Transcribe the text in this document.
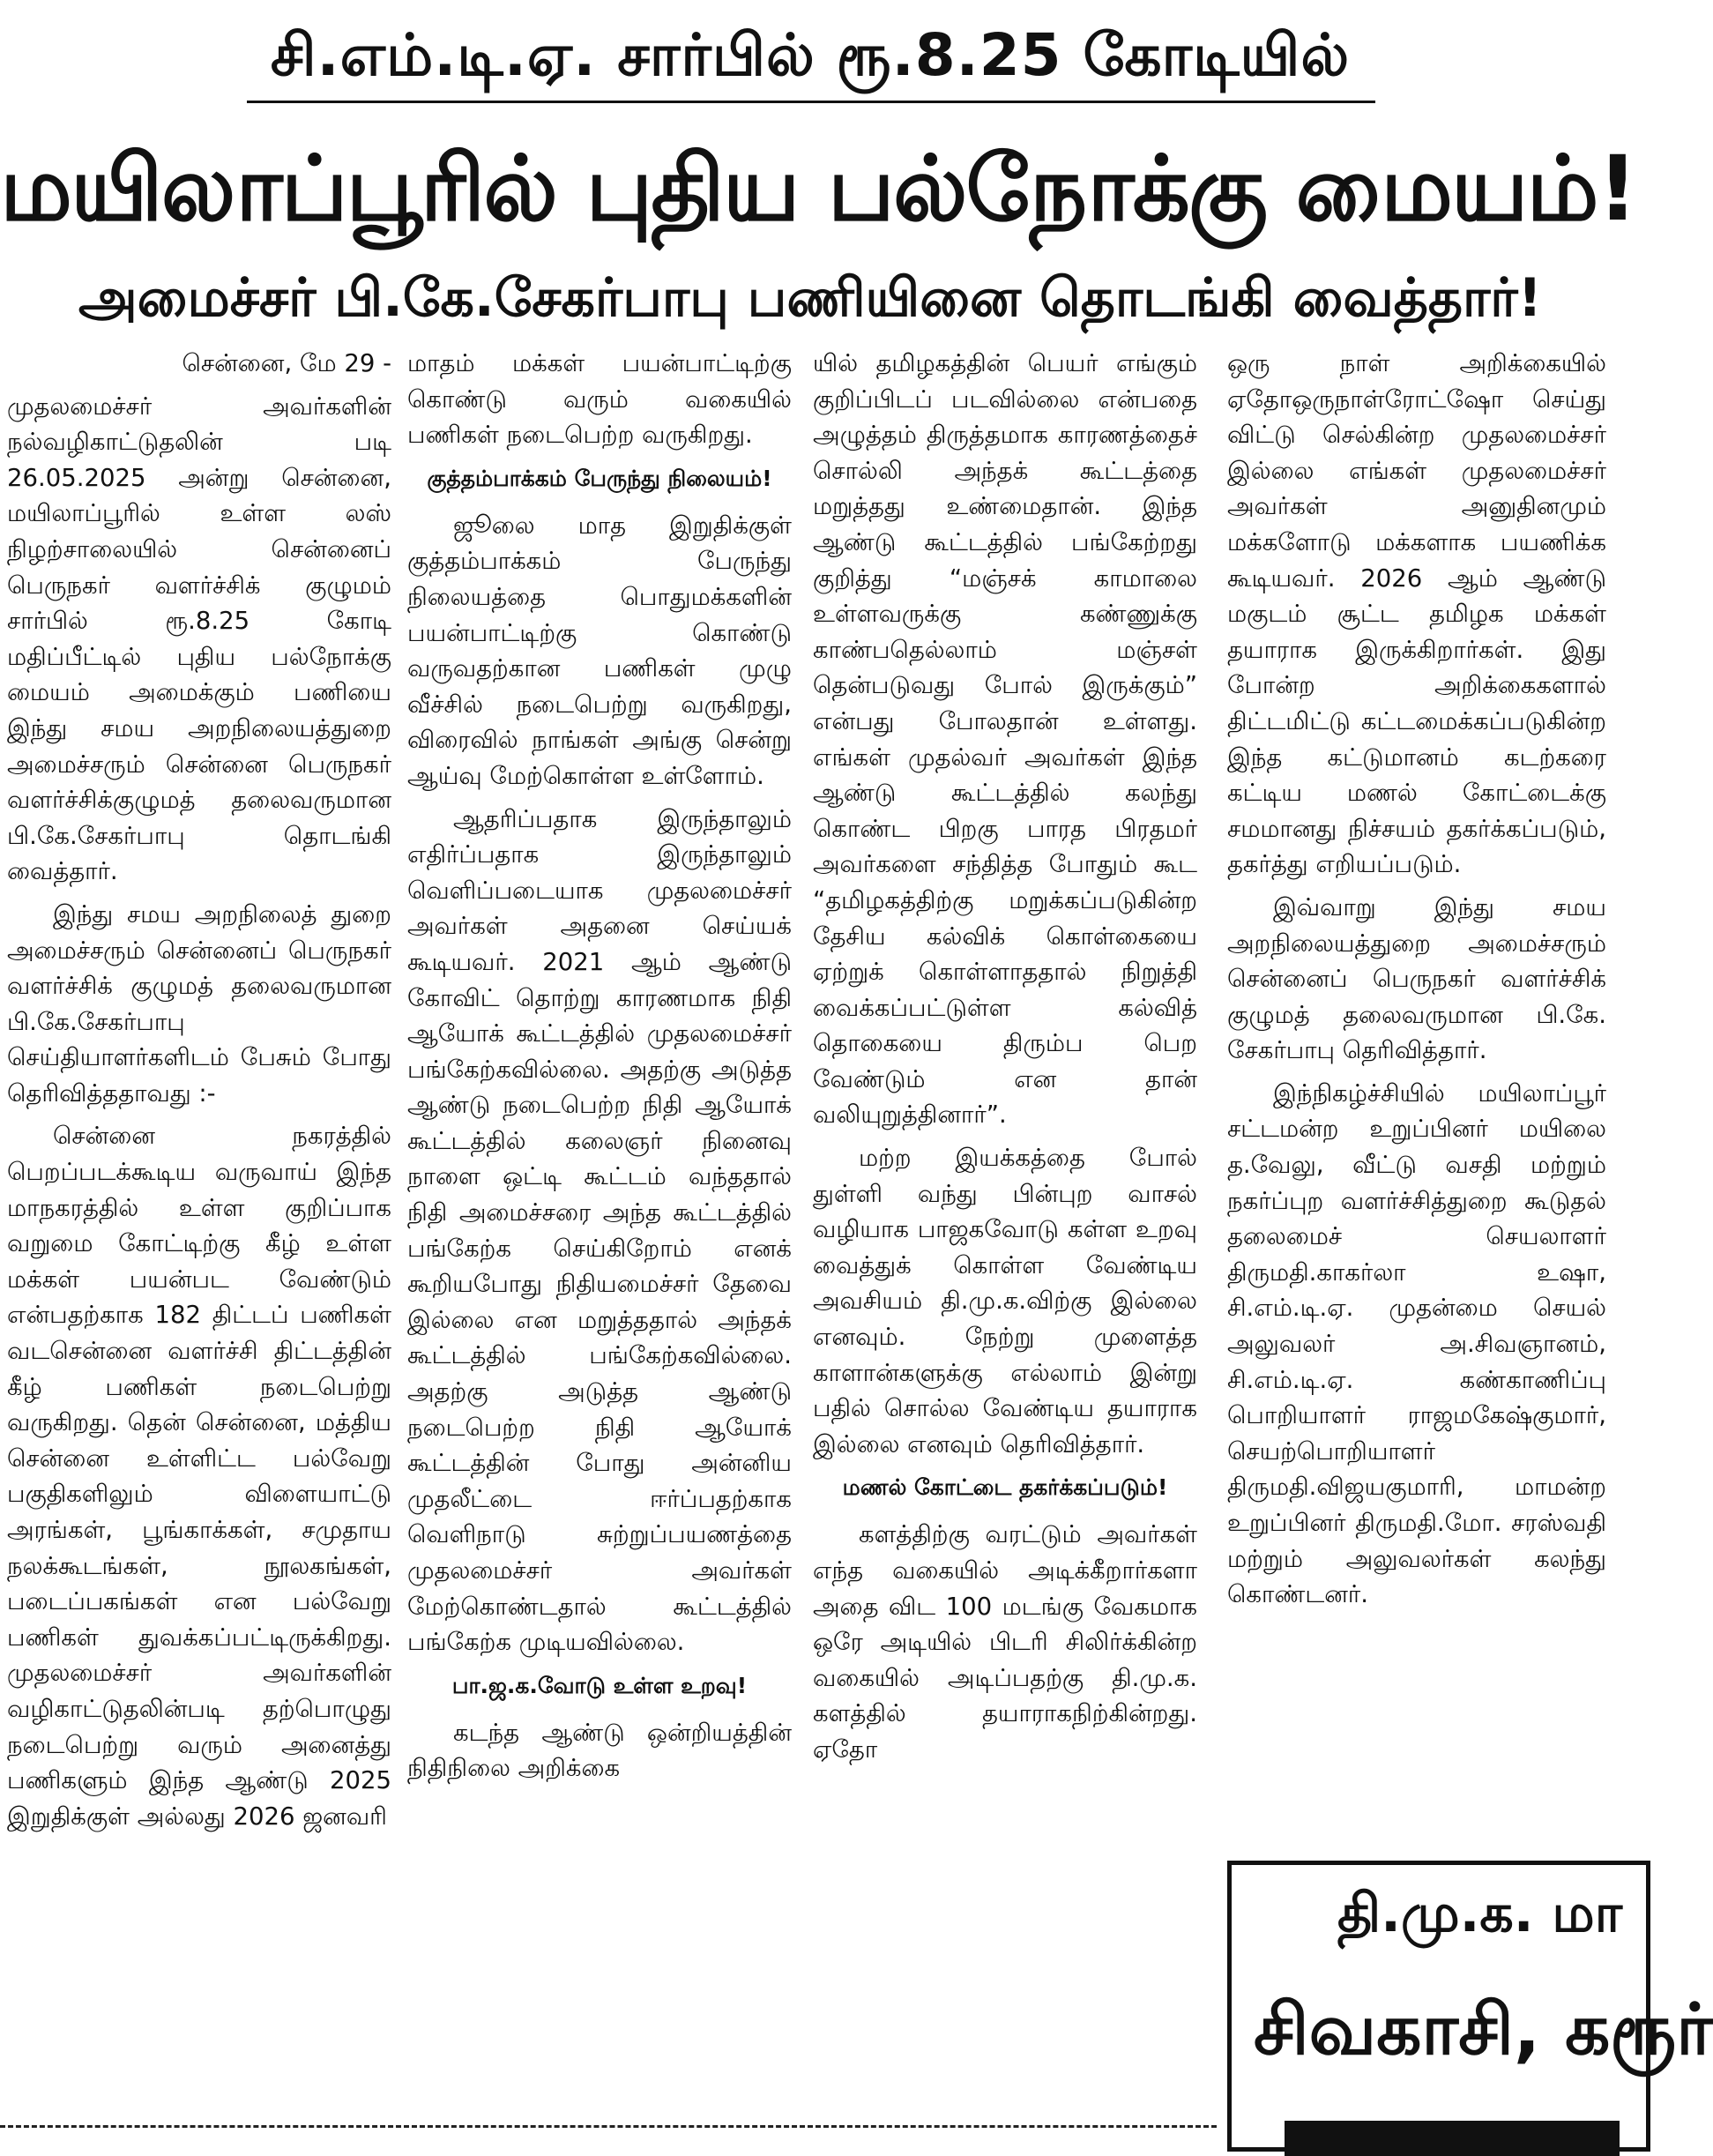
சி.எம்.டி.ஏ. சார்பில் ரூ.8.25 கோடியில்
மயிலாப்பூரில் புதிய பல்நோக்கு மையம்!
அமைச்சர் பி.கே.சேகர்பாபு பணியினை தொடங்கி வைத்தார்!

சென்னை, மே 29 -

முதலமைச்சர் அவர்களின் நல்வழிகாட்டுதலின் படி 26.05.2025 அன்று சென்னை, மயிலாப்பூரில் உள்ள லஸ் நிழற்சாலையில் சென்னைப் பெருநகர் வளர்ச்சிக் குழுமம் சார்பில் ரூ.8.25 கோடி மதிப்பீட்டில் புதிய பல்நோக்கு மையம் அமைக்கும் பணியை இந்து சமய அறநிலையத்துறை அமைச்சரும் சென்னை பெருநகர் வளர்ச்சிக்குழுமத் தலைவருமான பி.கே.சேகர்பாபு தொடங்கி வைத்தார்.

இந்து சமய அறநிலைத் துறை அமைச்சரும் சென்னைப் பெருநகர் வளர்ச்சிக் குழுமத் தலைவருமான பி.கே.சேகர்பாபு செய்தியாளர்களிடம் பேசும் போது தெரிவித்ததாவது :-

சென்னை நகரத்தில் பெறப்படக்கூடிய வருவாய் இந்த மாநகரத்தில் உள்ள குறிப்பாக வறுமை கோட்டிற்கு கீழ் உள்ள மக்கள் பயன்பட வேண்டும் என்பதற்காக 182 திட்டப் பணிகள் வடசென்னை வளர்ச்சி திட்டத்தின் கீழ் பணிகள் நடைபெற்று வருகிறது. தென் சென்னை, மத்திய சென்னை உள்ளிட்ட பல்வேறு பகுதிகளிலும் விளையாட்டு அரங்கள், பூங்காக்கள், சமுதாய நலக்கூடங்கள், நூலகங்கள், படைப்பகங்கள் என பல்வேறு பணிகள் துவக்கப்பட்டிருக்கிறது. முதலமைச்சர் அவர்களின் வழிகாட்டுதலின்படி தற்பொழுது நடைபெற்று வரும் அனைத்து பணிகளும் இந்த ஆண்டு 2025 இறுதிக்குள் அல்லது 2026 ஜனவரி

மாதம் மக்கள் பயன்பாட்டிற்கு கொண்டு வரும் வகையில் பணிகள் நடைபெற்ற வருகிறது.

குத்தம்பாக்கம் பேருந்து நிலையம்!

ஜூலை மாத இறுதிக்குள் குத்தம்பாக்கம் பேருந்து நிலையத்தை பொதுமக்களின் பயன்பாட்டிற்கு கொண்டு வருவதற்கான பணிகள் முழு வீச்சில் நடைபெற்று வருகிறது, விரைவில் நாங்கள் அங்கு சென்று ஆய்வு மேற்கொள்ள உள்ளோம்.

ஆதரிப்பதாக இருந்தாலும் எதிர்ப்பதாக இருந்தாலும் வெளிப்படையாக முதலமைச்சர் அவர்கள் அதனை செய்யக் கூடியவர். 2021 ஆம் ஆண்டு கோவிட் தொற்று காரணமாக நிதி ஆயோக் கூட்டத்தில் முதலமைச்சர் பங்கேற்கவில்லை. அதற்கு அடுத்த ஆண்டு நடைபெற்ற நிதி ஆயோக் கூட்டத்தில் கலைஞர் நினைவு நாளை ஒட்டி கூட்டம் வந்ததால் நிதி அமைச்சரை அந்த கூட்டத்தில் பங்கேற்க செய்கிறோம் எனக் கூறியபோது நிதியமைச்சர் தேவை இல்லை என மறுத்ததால் அந்தக் கூட்டத்தில் பங்கேற்கவில்லை. அதற்கு அடுத்த ஆண்டு நடைபெற்ற நிதி ஆயோக் கூட்டத்தின் போது அன்னிய முதலீட்டை ஈர்ப்பதற்காக வெளிநாடு சுற்றுப்பயணத்தை முதலமைச்சர் அவர்கள் மேற்கொண்டதால் கூட்டத்தில் பங்கேற்க முடியவில்லை.

பா.ஜ.க.வோடு உள்ள உறவு!

கடந்த ஆண்டு ஒன்றியத்தின் நிதிநிலை அறிக்கை

யில் தமிழகத்தின் பெயர் எங்கும் குறிப்பிடப் படவில்லை என்பதை அழுத்தம் திருத்தமாக காரணத்தைச் சொல்லி அந்தக் கூட்டத்தை மறுத்தது உண்மைதான். இந்த ஆண்டு கூட்டத்தில் பங்கேற்றது குறித்து “மஞ்சக் காமாலை உள்ளவருக்கு கண்ணுக்கு காண்பதெல்லாம் மஞ்சள் தென்படுவது போல் இருக்கும்” என்பது போலதான் உள்ளது. எங்கள் முதல்வர் அவர்கள் இந்த ஆண்டு கூட்டத்தில் கலந்து கொண்ட பிறகு பாரத பிரதமர் அவர்களை சந்தித்த போதும் கூட “தமிழகத்திற்கு மறுக்கப்படுகின்ற தேசிய கல்விக் கொள்கையை ஏற்றுக் கொள்ளாததால் நிறுத்தி வைக்கப்பட்டுள்ள கல்வித் தொகையை திரும்ப பெற வேண்டும் என தான் வலியுறுத்தினார்”.

மற்ற இயக்கத்தை போல் துள்ளி வந்து பின்புற வாசல் வழியாக பாஜகவோடு கள்ள உறவு வைத்துக் கொள்ள வேண்டிய அவசியம் தி.மு.க.விற்கு இல்லை எனவும். நேற்று முளைத்த காளான்களுக்கு எல்லாம் இன்று பதில் சொல்ல வேண்டிய தயாராக இல்லை எனவும் தெரிவித்தார்.

மணல் கோட்டை தகர்க்கப்படும்!

களத்திற்கு வரட்டும் அவர்கள் எந்த வகையில் அடிக்கீறார்களா அதை விட 100 மடங்கு வேகமாக ஒரே அடியில் பிடரி சிலிர்க்கின்ற வகையில் அடிப்பதற்கு தி.மு.க. களத்தில் தயாராகநிற்கின்றது. ஏதோ

ஒரு நாள் அறிக்கையில் ஏதோஒருநாள்ரோட்ஷோ செய்து விட்டு செல்கின்ற முதலமைச்சர் இல்லை எங்கள் முதலமைச்சர் அவர்கள் அனுதினமும் மக்களோடு மக்களாக பயணிக்க கூடியவர். 2026 ஆம் ஆண்டு மகுடம் சூட்ட தமிழக மக்கள் தயாராக இருக்கிறார்கள். இது போன்ற அறிக்கைகளால் திட்டமிட்டு கட்டமைக்கப்படுகின்ற இந்த கட்டுமானம் கடற்கரை கட்டிய மணல் கோட்டைக்கு சமமானது நிச்சயம் தகர்க்கப்படும், தகர்த்து எறியப்படும்.

இவ்வாறு இந்து சமய அறநிலையத்துறை அமைச்சரும் சென்னைப் பெருநகர் வளர்ச்சிக் குழுமத் தலைவருமான பி.கே. சேகர்பாபு தெரிவித்தார்.

இந்நிகழ்ச்சியில் மயிலாப்பூர் சட்டமன்ற உறுப்பினர் மயிலை த.வேலு, வீட்டு வசதி மற்றும் நகர்ப்புற வளர்ச்சித்துறை கூடுதல் தலைமைச் செயலாளர் திருமதி.காகர்லா உஷா, சி.எம்.டி.ஏ. முதன்மை செயல் அலுவலர் அ.சிவஞானம், சி.எம்.டி.ஏ. கண்காணிப்பு பொறியாளர் ராஜமகேஷ்குமார், செயற்பொறியாளர் திருமதி.விஜயகுமாரி, மாமன்ற உறுப்பினர் திருமதி.மோ. சரஸ்வதி மற்றும் அலுவலர்கள் கலந்து கொண்டனர்.

தி.மு.க. மா
சிவகாசி, கரூர்
